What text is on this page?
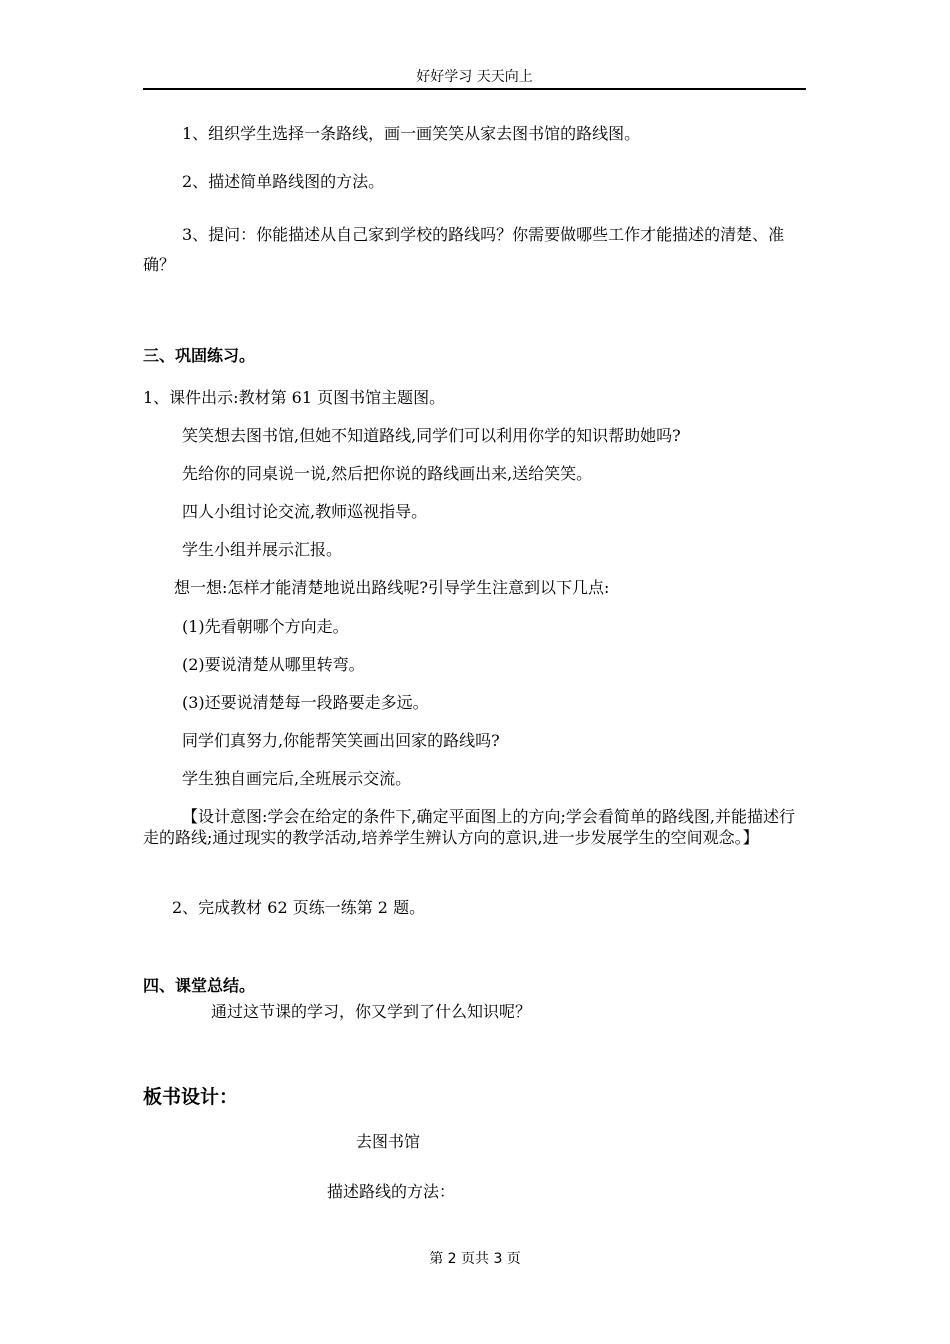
好好学习 天天向上
1、组织学生选择一条路线，画一画笑笑从家去图书馆的路线图。
2、描述简单路线图的方法。
3、提问：你能描述从自己家到学校的路线吗？你需要做哪些工作才能描述的清楚、准确？
三、巩固练习。
1、课件出示:教材第 61 页图书馆主题图。
笑笑想去图书馆,但她不知道路线,同学们可以利用你学的知识帮助她吗?
先给你的同桌说一说,然后把你说的路线画出来,送给笑笑。
四人小组讨论交流,教师巡视指导。
学生小组并展示汇报。
想一想:怎样才能清楚地说出路线呢?引导学生注意到以下几点:
(1)先看朝哪个方向走。
(2)要说清楚从哪里转弯。
(3)还要说清楚每一段路要走多远。
同学们真努力,你能帮笑笑画出回家的路线吗?
学生独自画完后,全班展示交流。
【设计意图:学会在给定的条件下,确定平面图上的方向;学会看简单的路线图,并能描述行走的路线;通过现实的教学活动,培养学生辨认方向的意识,进一步发展学生的空间观念。】
2、完成教材 62 页练一练第 2 题。
四、课堂总结。
通过这节课的学习，你又学到了什么知识呢？
板书设计：
去图书馆
描述路线的方法：
第 2 页共 3 页
